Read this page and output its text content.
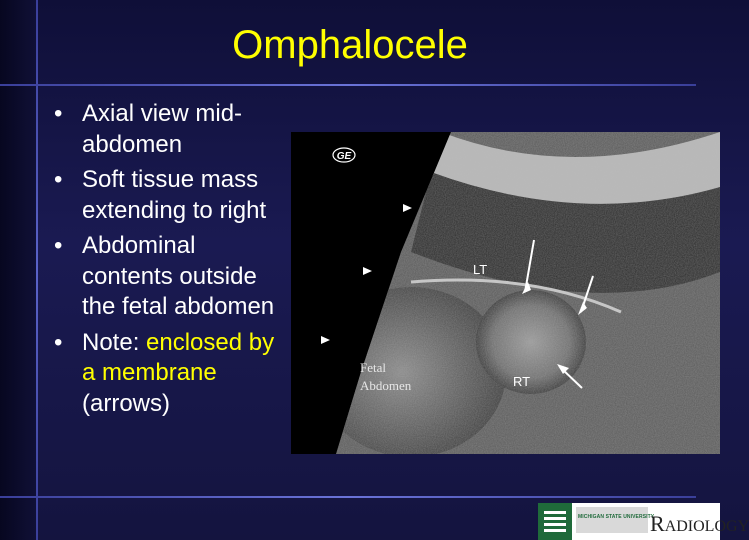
Omphalocele
• Axial view mid-abdomen
• Soft tissue mass extending to right
• Abdominal contents outside the fetal abdomen
• Note: enclosed by a membrane (arrows)
GE
LT
RT
Fetal
Abdomen
MICHIGAN STATE UNIVERSITY
RADIOLOGY
